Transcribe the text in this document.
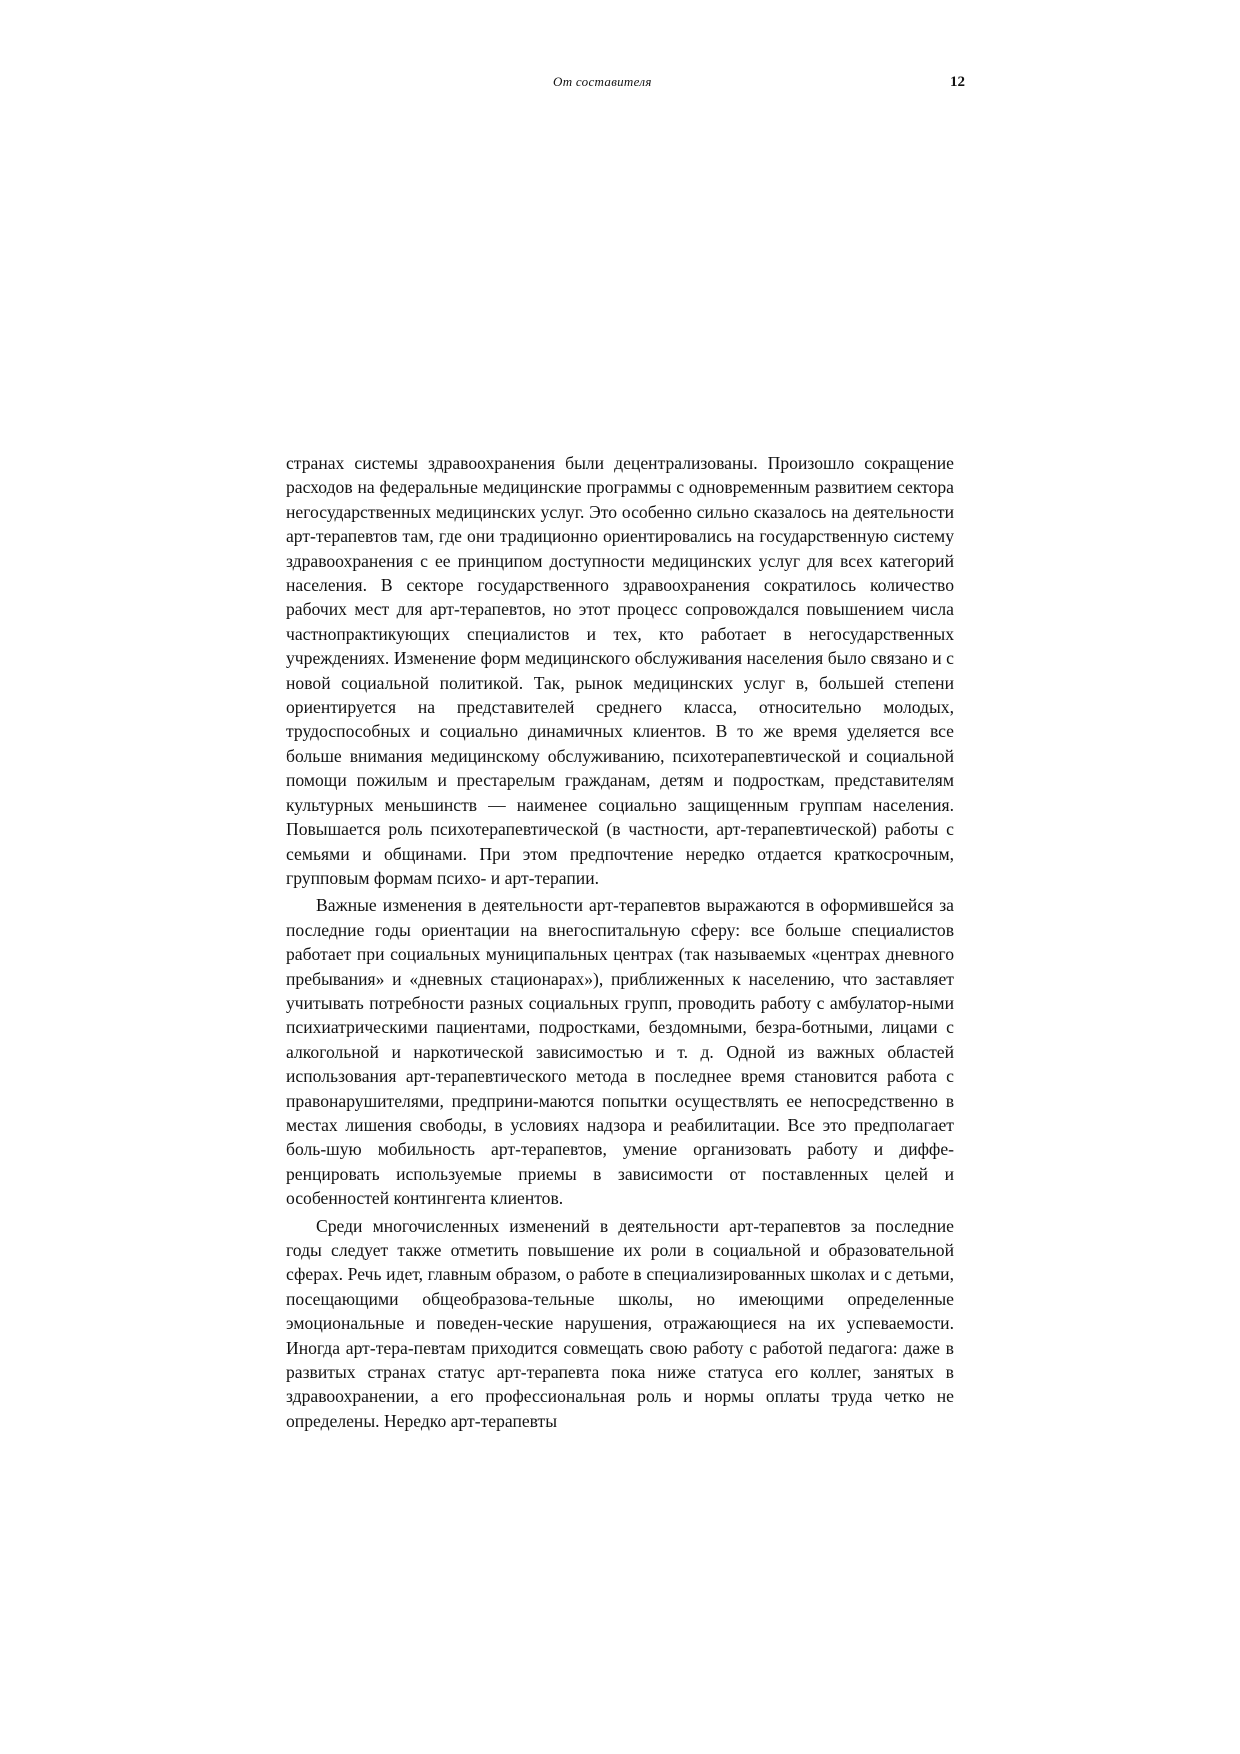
От составителя	12

странах системы здравоохранения были децентрализованы. Произошло сокращение расходов на федеральные медицинские программы с одновременным развитием сектора негосударственных медицинских услуг. Это особенно сильно сказалось на деятельности арт-терапевтов там, где они традиционно ориентировались на государственную систему здравоохранения с ее принципом доступности медицинских услуг для всех категорий населения. В секторе государственного здравоохранения сократилось количество рабочих мест для арт-терапевтов, но этот процесс сопровождался повышением числа частнопрактикующих специалистов и тех, кто работает в негосударственных учреждениях. Изменение форм медицинского обслуживания населения было связано и с новой социальной политикой. Так, рынок медицинских услуг в, большей степени ориентируется на представителей среднего класса, относительно молодых, трудоспособных и социально динамичных клиентов. В то же время уделяется все больше внимания медицинскому обслуживанию, психотерапевтической и социальной помощи пожилым и престарелым гражданам, детям и подросткам, представителям культурных меньшинств — наименее социально защищенным группам населения. Повышается роль психотерапевтической (в частности, арт-терапевтической) работы с семьями и общинами. При этом предпочтение нередко отдается краткосрочным, групповым формам психо- и арт-терапии.

Важные изменения в деятельности арт-терапевтов выражаются в оформившейся за последние годы ориентации на внегоспитальную сферу: все больше специалистов работает при социальных муниципальных центрах (так называемых «центрах дневного пребывания» и «дневных стационарах»), приближенных к населению, что заставляет учитывать потребности разных социальных групп, проводить работу с амбулатор-ными психиатрическими пациентами, подростками, бездомными, безра-ботными, лицами с алкогольной и наркотической зависимостью и т. д. Одной из важных областей использования арт-терапевтического метода в последнее время становится работа с правонарушителями, предприни-маются попытки осуществлять ее непосредственно в местах лишения свободы, в условиях надзора и реабилитации. Все это предполагает боль-шую мобильность арт-терапевтов, умение организовать работу и диффе-ренцировать используемые приемы в зависимости от поставленных целей и особенностей контингента клиентов.

Среди многочисленных изменений в деятельности арт-терапевтов за последние годы следует также отметить повышение их роли в социальной и образовательной сферах. Речь идет, главным образом, о работе в специализированных школах и с детьми, посещающими общеобразова-тельные школы, но имеющими определенные эмоциональные и поведен-ческие нарушения, отражающиеся на их успеваемости. Иногда арт-тера-певтам приходится совмещать свою работу с работой педагога: даже в развитых странах статус арт-терапевта пока ниже статуса его коллег, занятых в здравоохранении, а его профессиональная роль и нормы оплаты труда четко не определены. Нередко арт-терапевты
